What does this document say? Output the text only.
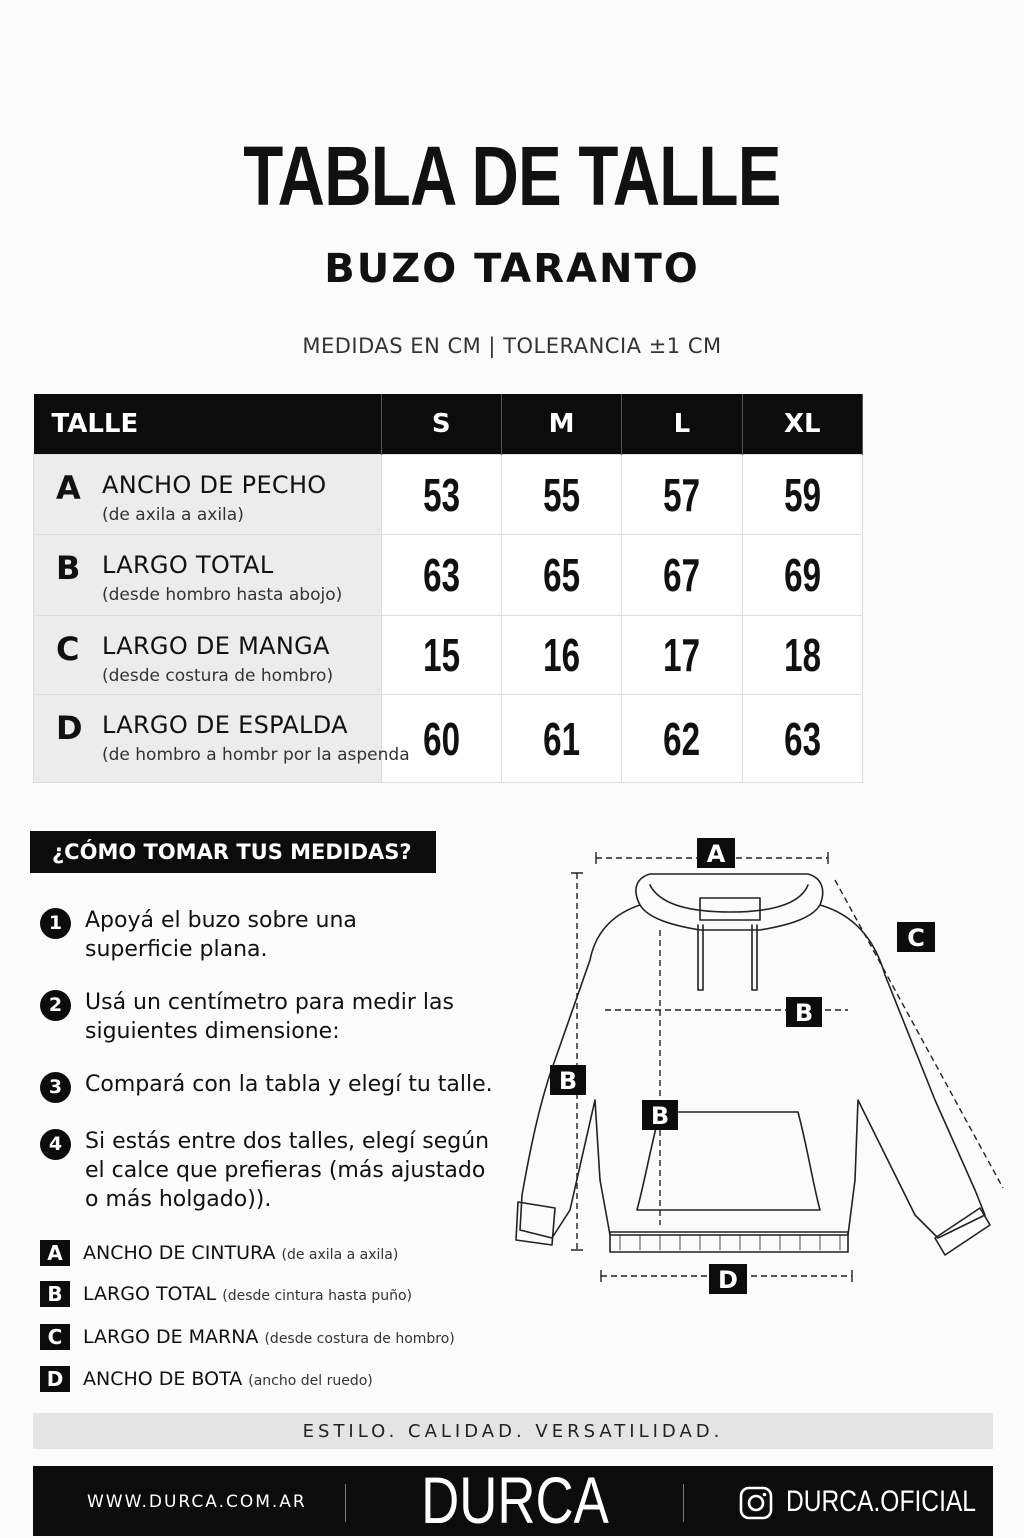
TABLA DE TALLE
BUZO TARANTO
MEDIDAS EN CM | TOLERANCIA ±1 CM
TALLE	S	M	L	XL

A ANCHO DE PECHO
(de axila a axila)	53	55	57	59

B LARGO TOTAL
(desde hombro hasta abojo)	63	65	67	69

C LARGO DE MANGA
(desde costura de hombro)	15	16	17	18

D LARGO DE ESPALDA
(de hombro a hombr por la aspenda	60	61	62	63
¿CÓMO TOMAR TUS MEDIDAS?
1	Apoyá el buzo sobre una
superficie plana.
2	Usá un centímetro para medir las
siguientes dimensione:
3	Compará con la tabla y elegí tu talle.
4	Si estás entre dos talles, elegí según
el calce que prefieras (más ajustado
o más holgado)).
A	ANCHO DE CINTURA (de axila a axila)
B	LARGO TOTAL (desde cintura hasta puño)
C	LARGO DE MARNA (desde costura de hombro)
D	ANCHO DE BOTA (ancho del ruedo)
A
B
B
B
C
D
ESTILO. CALIDAD. VERSATILIDAD.
WWW.DURCA.COM.AR	DURCA	DURCA.OFICIAL
